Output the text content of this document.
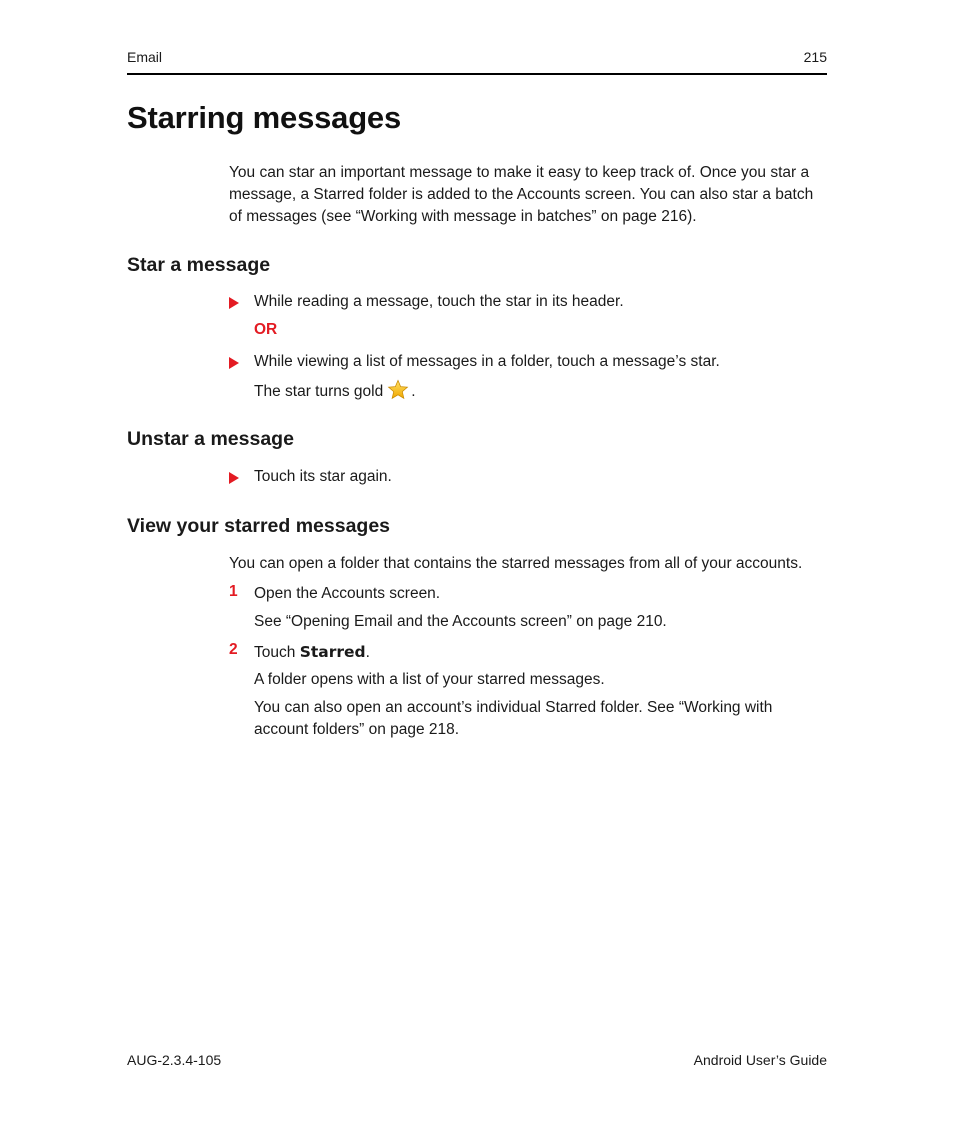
Email	215
Starring messages

You can star an important message to make it easy to keep track of. Once you star a message, a Starred folder is added to the Accounts screen. You can also star a batch of messages (see “Working with message in batches” on page 216).

Star a message
While reading a message, touch the star in its header.
OR
While viewing a list of messages in a folder, touch a message’s star.
The star turns gold .
Unstar a message
Touch its star again.
View your starred messages

You can open a folder that contains the starred messages from all of your accounts.

1 Open the Accounts screen.
See “Opening Email and the Accounts screen” on page 210.
2 Touch Starred.
A folder opens with a list of your starred messages.
You can also open an account’s individual Starred folder. See “Working with account folders” on page 218.
AUG-2.3.4-105	Android User’s Guide
